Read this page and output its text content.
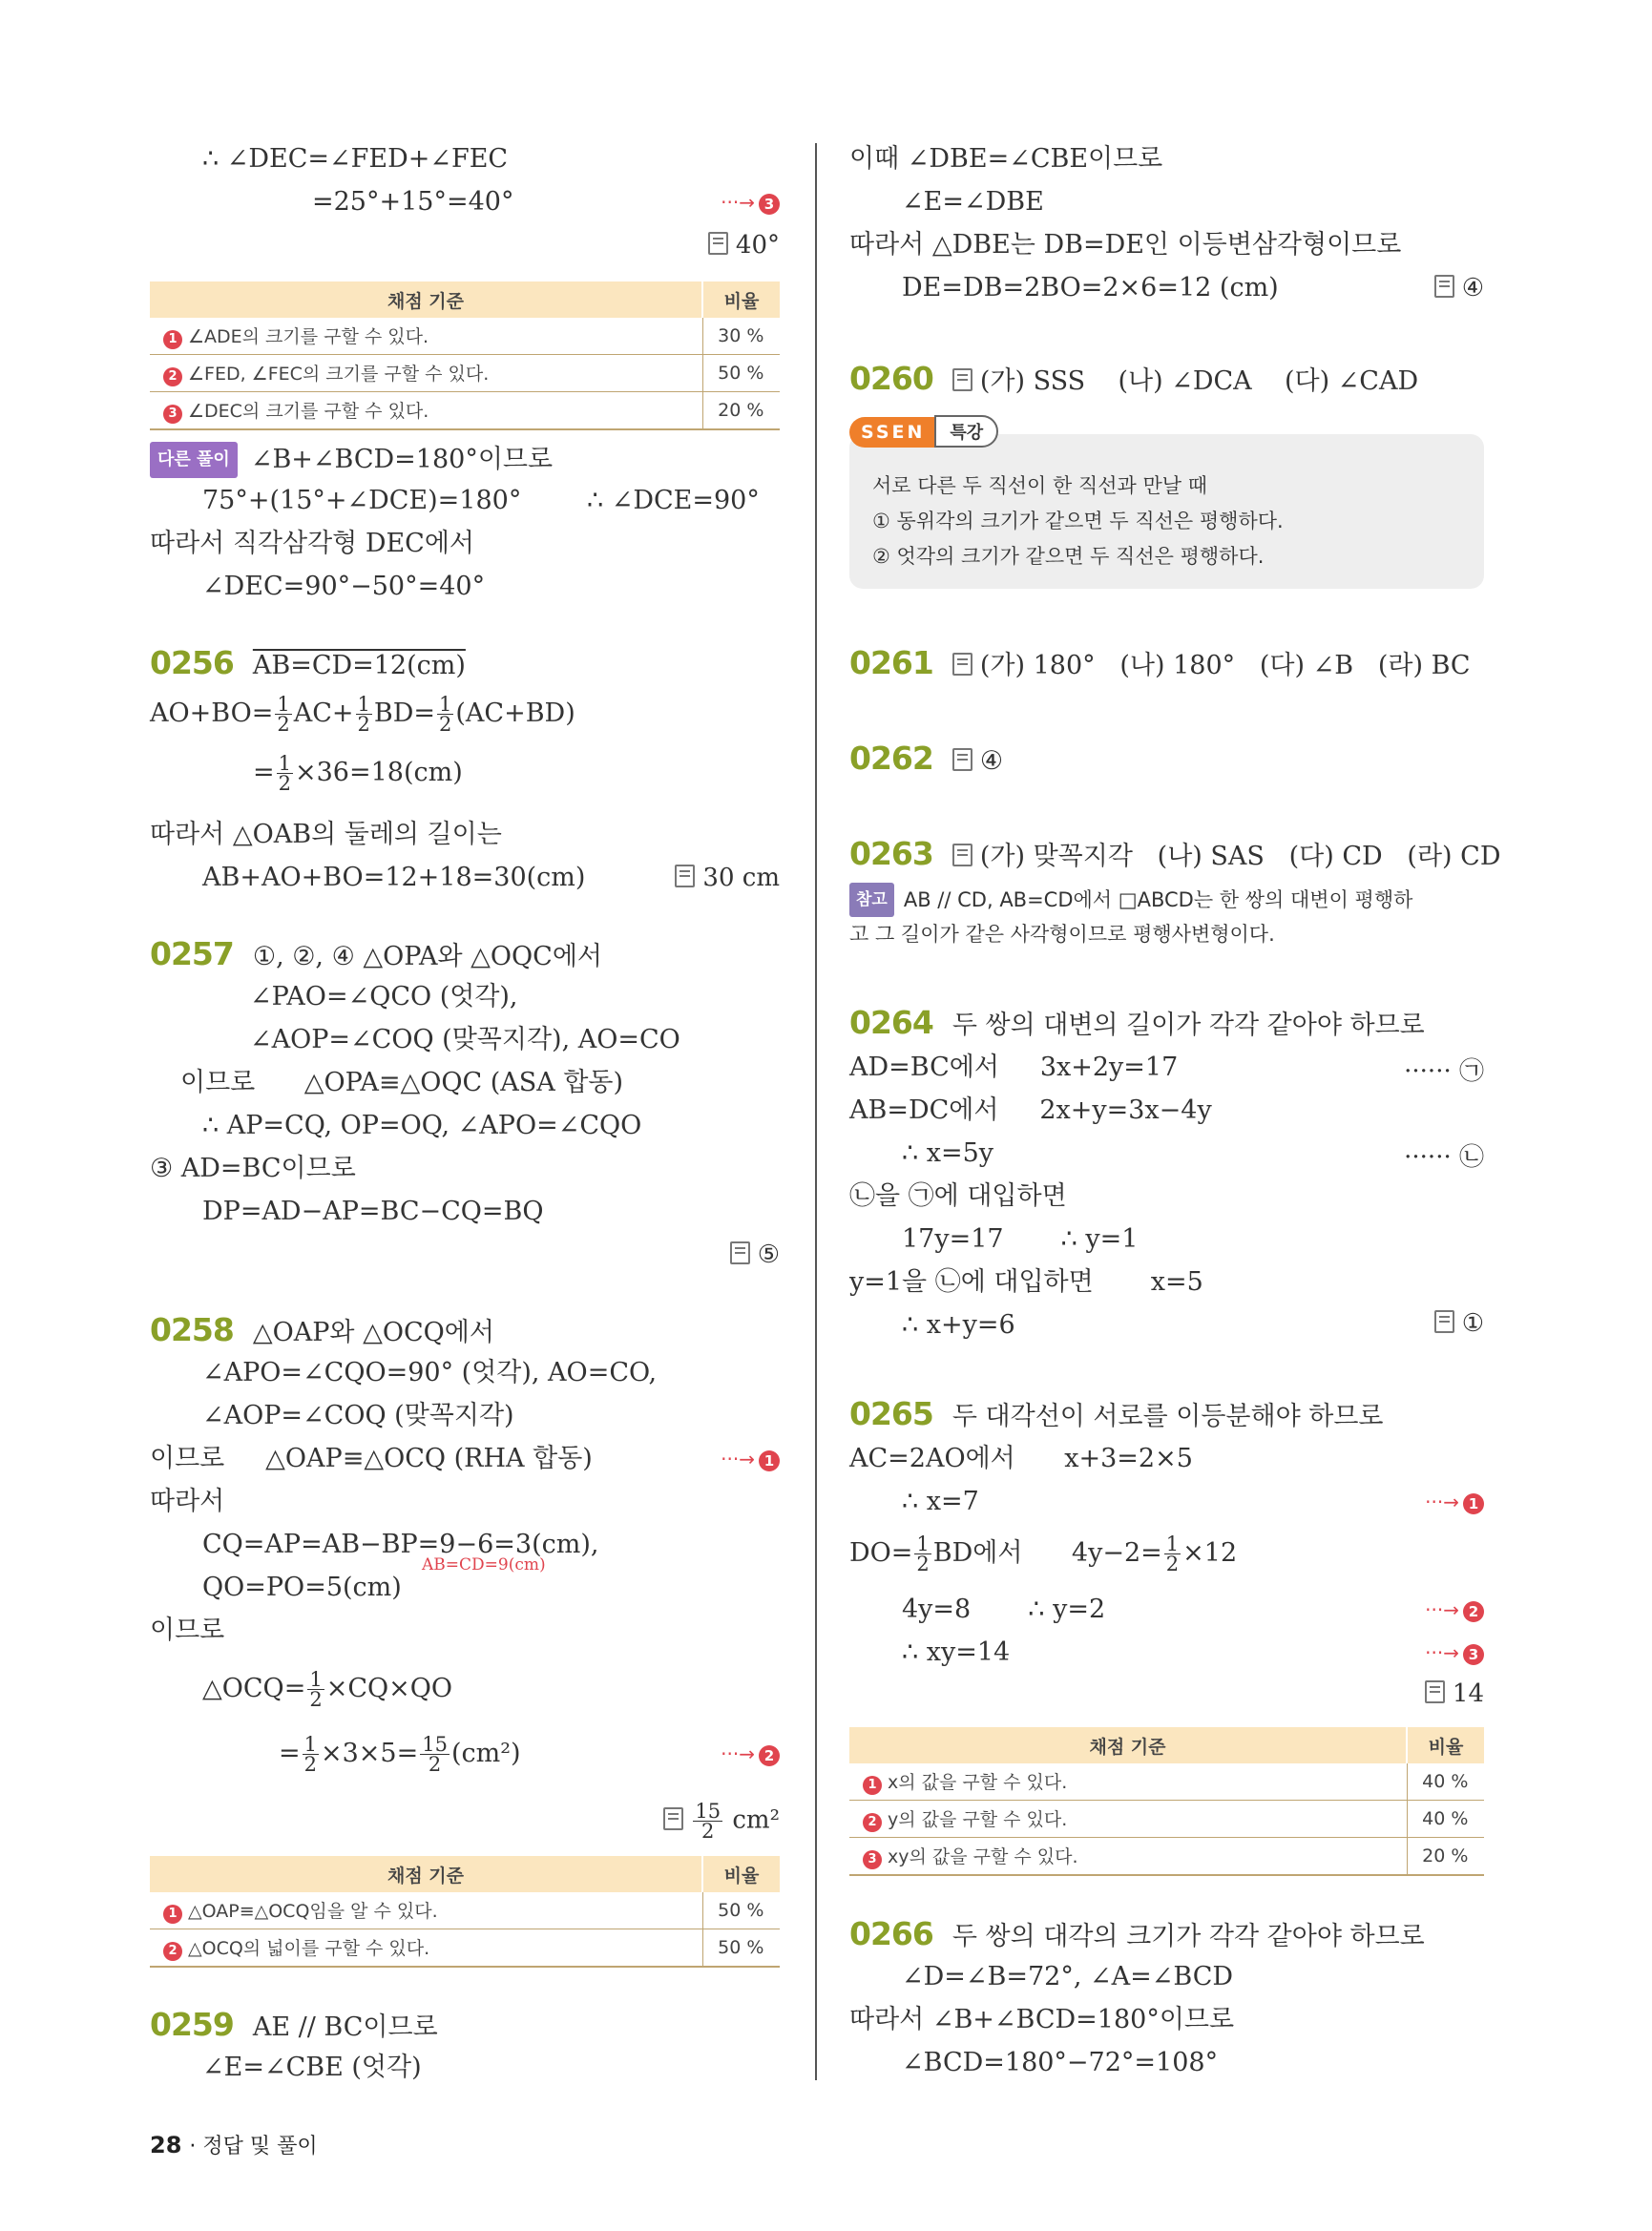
∴ ∠DEC=∠FED+∠FEC
=25°+15°=40°	···→ 3
40°
채점 기준	비율
1 ∠ADE의 크기를 구할 수 있다.	30 %
2 ∠FED, ∠FEC의 크기를 구할 수 있다.	50 %
3 ∠DEC의 크기를 구할 수 있다.	20 %
다른 풀이 ∠B+∠BCD=180°이므로
75°+(15°+∠DCE)=180°        ∴ ∠DCE=90°
따라서 직각삼각형 DEC에서
∠DEC=90°−50°=40°
0256 AB=CD=12(cm)
$AO+BO= \frac{1}{2} AC+ \frac{1}{2} BD= \frac{1}{2} (AC+BD)$
= $\frac{1}{2} \times 36=18(cm)$
따라서 △OAB의 둘레의 길이는
AB+AO+BO=12+18=30(cm)	30 cm
0257 ①, ②, ④ △OPA와 △OQC에서
∠PAO=∠QCO (엇각),
∠AOP=∠COQ (맞꼭지각), AO=CO
이므로      △OPA≡△OQC (ASA 합동)
∴ AP=CQ, OP=OQ, ∠APO=∠CQO
③ AD=BC이므로
DP=AD−AP=BC−CQ=BQ
⑤
0258 △OAP와 △OCQ에서
∠APO=∠CQO=90° (엇각), AO=CO,
∠AOP=∠COQ (맞꼭지각)
이므로     △OAP≡△OCQ (RHA 합동)	···→ 1
따라서
CQ=AP=AB−BP=9−6=3(cm),
AB=CD=9(cm)
QO=PO=5(cm)
이므로
△OCQ= $\frac{1}{2} \times CQ\times QO$
= $\frac{1}{2} \times 3\times 5= \frac{15}{2} (cm^2)$	···→ 2
$\frac{15}{2} cm^2$
채점 기준	비율
1 △OAP≡△OCQ임을 알 수 있다.	50 %
2 △OCQ의 넓이를 구할 수 있다.	50 %
0259 AE // BC이므로
∠E=∠CBE (엇각)
이때 ∠DBE=∠CBE이므로
∠E=∠DBE
따라서 △DBE는 DB=DE인 이등변삼각형이므로
DE=DB=2BO=2×6=12 (cm)	④
0260 (가) SSS    (나) ∠DCA    (다) ∠CAD
서로 다른 두 직선이 한 직선과 만날 때
① 동위각의 크기가 같으면 두 직선은 평행하다.
② 엇각의 크기가 같으면 두 직선은 평행하다.
SSEN 특강
0261 (가) 180°   (나) 180°   (다) ∠B   (라) BC
0262 ④
0263 (가) 맞꼭지각   (나) SAS   (다) CD   (라) CD
참고 AB // CD, AB=CD에서 □ABCD는 한 쌍의 대변이 평행하
고 그 길이가 같은 사각형이므로 평행사변형이다.
0264 두 쌍의 대변의 길이가 각각 같아야 하므로
AD=BC에서     3x+2y=17	······ ㉠
AB=DC에서     2x+y=3x−4y
∴ x=5y	······ ㉡
㉡을 ㉠에 대입하면
17y=17       ∴ y=1
y=1을 ㉡에 대입하면       x=5
∴ x+y=6	①
0265 두 대각선이 서로를 이등분해야 하므로
AC=2AO에서      x+3=2×5
∴ x=7	···→ 1
$DO= \frac{1}{2}$ BD에서      $4y-2= \frac{1}{2} \times 12$
4y=8       ∴ y=2	···→ 2
∴ xy=14	···→ 3
14
채점 기준	비율
1 x의 값을 구할 수 있다.	40 %
2 y의 값을 구할 수 있다.	40 %
3 xy의 값을 구할 수 있다.	20 %
0266 두 쌍의 대각의 크기가 각각 같아야 하므로
∠D=∠B=72°, ∠A=∠BCD
따라서 ∠B+∠BCD=180°이므로
∠BCD=180°−72°=108°
28 · 정답 및 풀이
